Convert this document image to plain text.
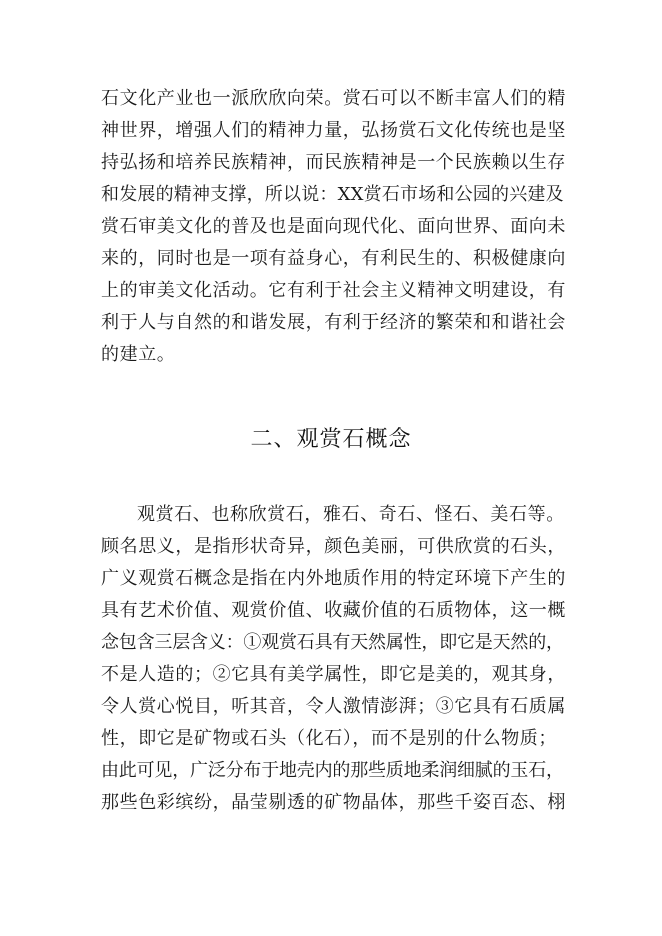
石文化产业也一派欣欣向荣。赏石可以不断丰富人们的精
神世界，增强人们的精神力量，弘扬赏石文化传统也是坚
持弘扬和培养民族精神，而民族精神是一个民族赖以生存
和发展的精神支撑，所以说：XX赏石市场和公园的兴建及
赏石审美文化的普及也是面向现代化、面向世界、面向未
来的，同时也是一项有益身心，有利民生的、积极健康向
上的审美文化活动。它有利于社会主义精神文明建设，有
利于人与自然的和谐发展，有利于经济的繁荣和和谐社会
的建立。
二、观赏石概念
观赏石、也称欣赏石，雅石、奇石、怪石、美石等。
顾名思义，是指形状奇异，颜色美丽，可供欣赏的石头，
广义观赏石概念是指在内外地质作用的特定环境下产生的
具有艺术价值、观赏价值、收藏价值的石质物体，这一概
念包含三层含义：①观赏石具有天然属性，即它是天然的，
不是人造的；②它具有美学属性，即它是美的，观其身，
令人赏心悦目，听其音，令人激情澎湃；③它具有石质属
性，即它是矿物或石头（化石），而不是别的什么物质；
由此可见，广泛分布于地壳内的那些质地柔润细腻的玉石，
那些色彩缤纷，晶莹剔透的矿物晶体，那些千姿百态、栩
